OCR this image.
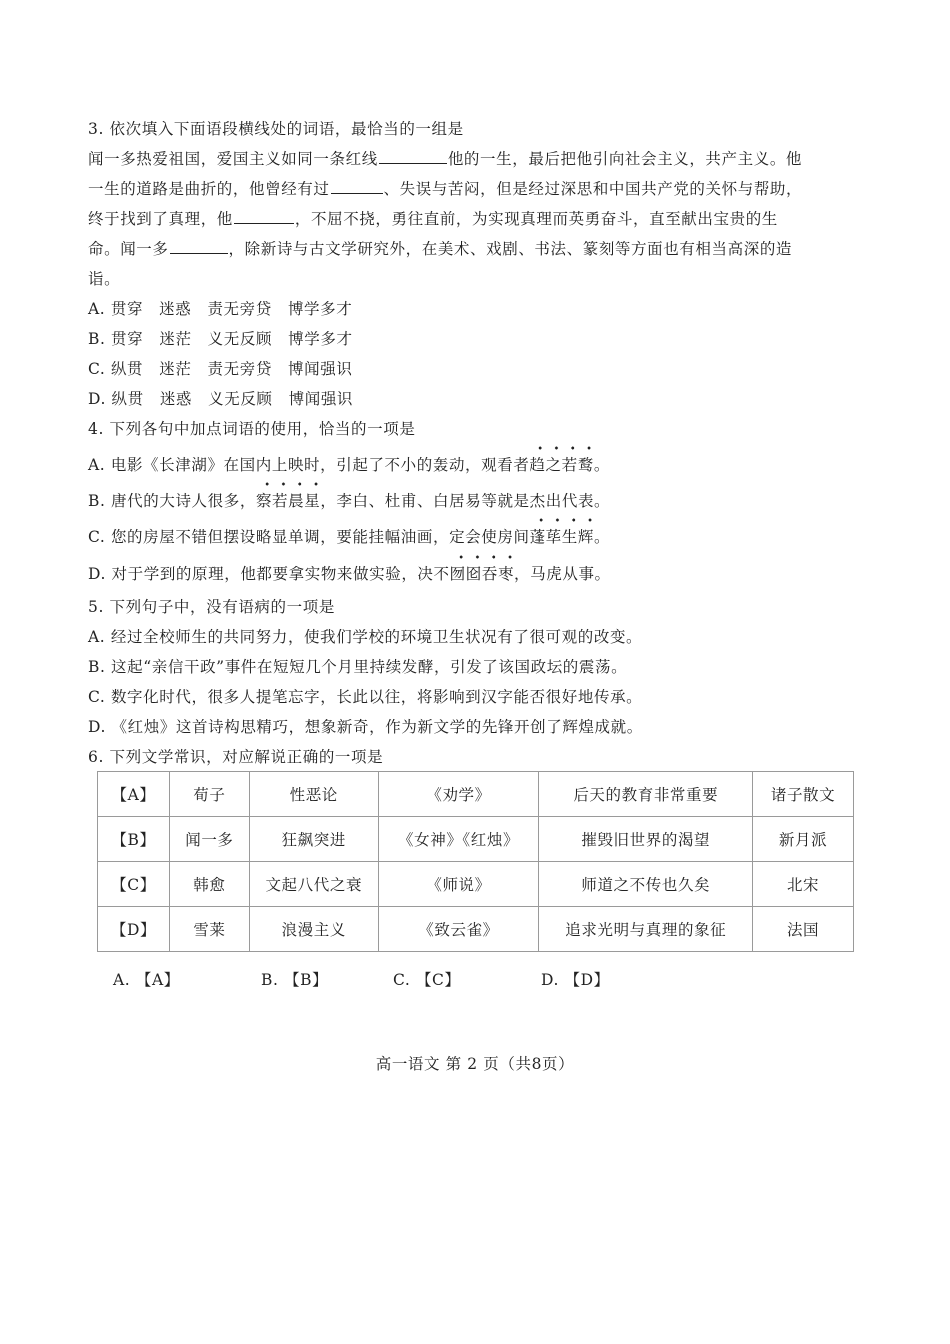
3. 依次填入下面语段横线处的词语，最恰当的一组是
闻一多热爱祖国，爱国主义如同一条红线	他的一生，最后把他引向社会主义，共产主义。他
一生的道路是曲折的，他曾经有过	、失误与苦闷，但是经过深思和中国共产党的关怀与帮助，
终于找到了真理，他	，不屈不挠，勇往直前，为实现真理而英勇奋斗，直至献出宝贵的生
命。闻一多	，除新诗与古文学研究外，在美术、戏剧、书法、篆刻等方面也有相当高深的造
诣。
A. 贯穿　迷惑　责无旁贷　博学多才
B. 贯穿　迷茫　义无反顾　博学多才
C. 纵贯　迷茫　责无旁贷　博闻强识
D. 纵贯　迷惑　义无反顾　博闻强识
4. 下列各句中加点词语的使用，恰当的一项是
A. 电影《长津湖》在国内上映时，引起了不小的轰动，观看者趋之若鹜。
B. 唐代的大诗人很多，察若晨星，李白、杜甫、白居易等就是杰出代表。
C. 您的房屋不错但摆设略显单调，要能挂幅油画，定会使房间蓬荜生辉。
D. 对于学到的原理，他都要拿实物来做实验，决不囫囵吞枣，马虎从事。
5. 下列句子中，没有语病的一项是
A. 经过全校师生的共同努力，使我们学校的环境卫生状况有了很可观的改变。
B. 这起“亲信干政”事件在短短几个月里持续发酵，引发了该国政坛的震荡。
C. 数字化时代，很多人提笔忘字，长此以往，将影响到汉字能否很好地传承。
D. 《红烛》这首诗构思精巧，想象新奇，作为新文学的先锋开创了辉煌成就。
6. 下列文学常识，对应解说正确的一项是
【A】	荀子	性恶论	《劝学》	后天的教育非常重要	诸子散文
【B】	闻一多	狂飙突进	《女神》《红烛》	摧毁旧世界的渴望	新月派
【C】	韩愈	文起八代之衰	《师说》	师道之不传也久矣	北宋
【D】	雪莱	浪漫主义	《致云雀》	追求光明与真理的象征	法国
A. 【A】	B. 【B】	C. 【C】	D. 【D】
高一语文 第 2 页（共8页）
